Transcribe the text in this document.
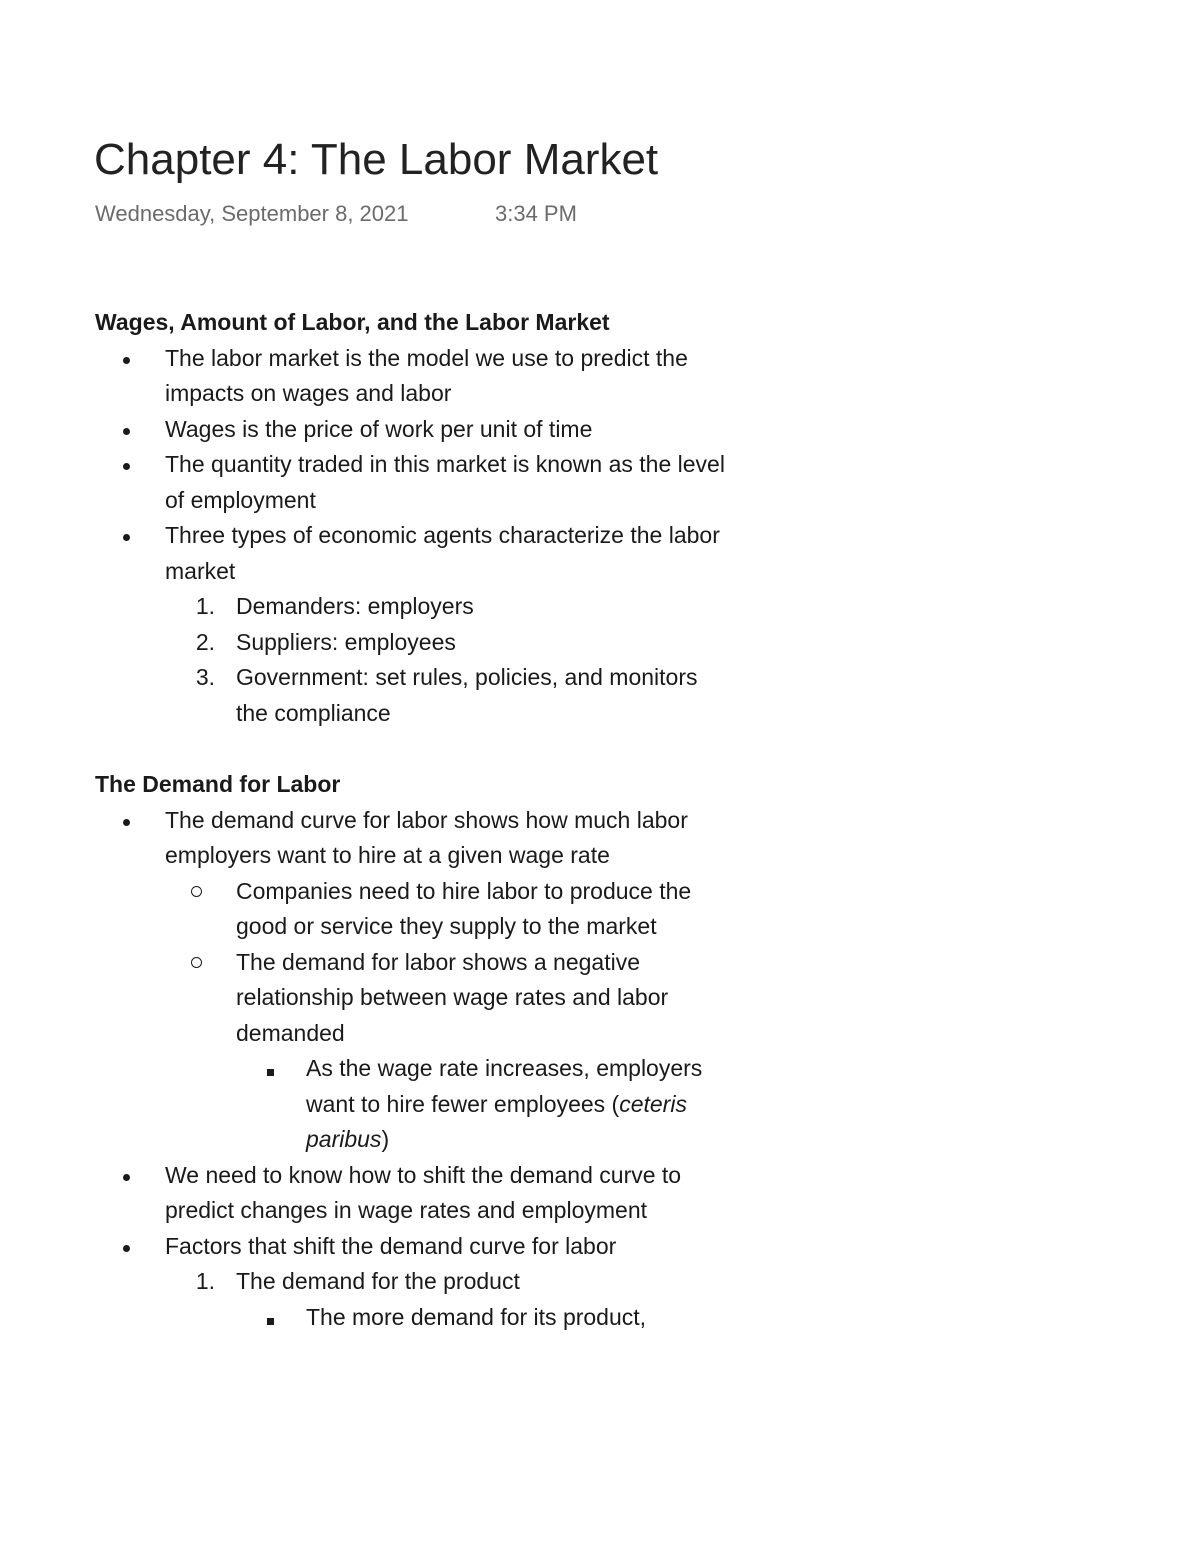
Chapter 4: The Labor Market
Wednesday, September 8, 2021	3:34 PM
Wages, Amount of Labor, and the Labor Market
The labor market is the model we use to predict the impacts on wages and labor
Wages is the price of work per unit of time
The quantity traded in this market is known as the level of employment
Three types of economic agents characterize the labor market
1. Demanders: employers
2. Suppliers: employees
3. Government: set rules, policies, and monitors the compliance
The Demand for Labor
The demand curve for labor shows how much labor employers want to hire at a given wage rate
Companies need to hire labor to produce the good or service they supply to the market
The demand for labor shows a negative relationship between wage rates and labor demanded
As the wage rate increases, employers want to hire fewer employees (ceteris paribus)
We need to know how to shift the demand curve to predict changes in wage rates and employment
Factors that shift the demand curve for labor
1. The demand for the product
The more demand for its product,
